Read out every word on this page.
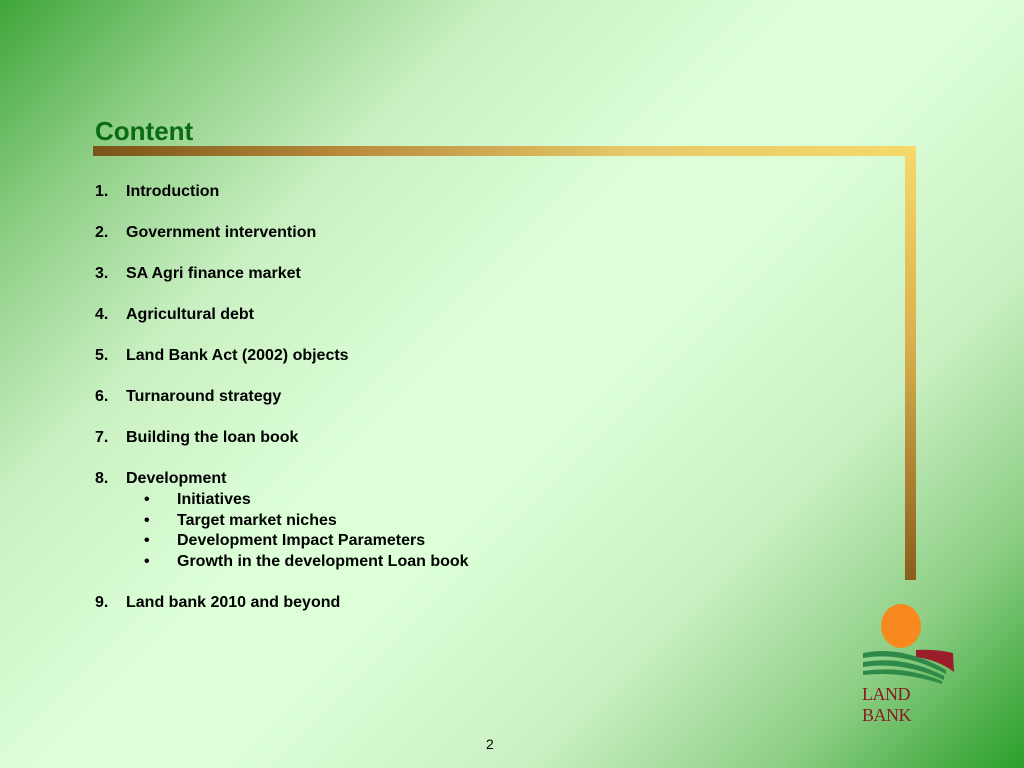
Content
1. Introduction
2. Government intervention
3. SA Agri finance market
4. Agricultural debt
5. Land Bank Act (2002) objects
6. Turnaround strategy
7. Building the loan book
8. Development
•	Initiatives
•	Target market niches
•	Development Impact Parameters
•	Growth in the development Loan book
9. Land bank 2010 and beyond
LAND BANK
2
